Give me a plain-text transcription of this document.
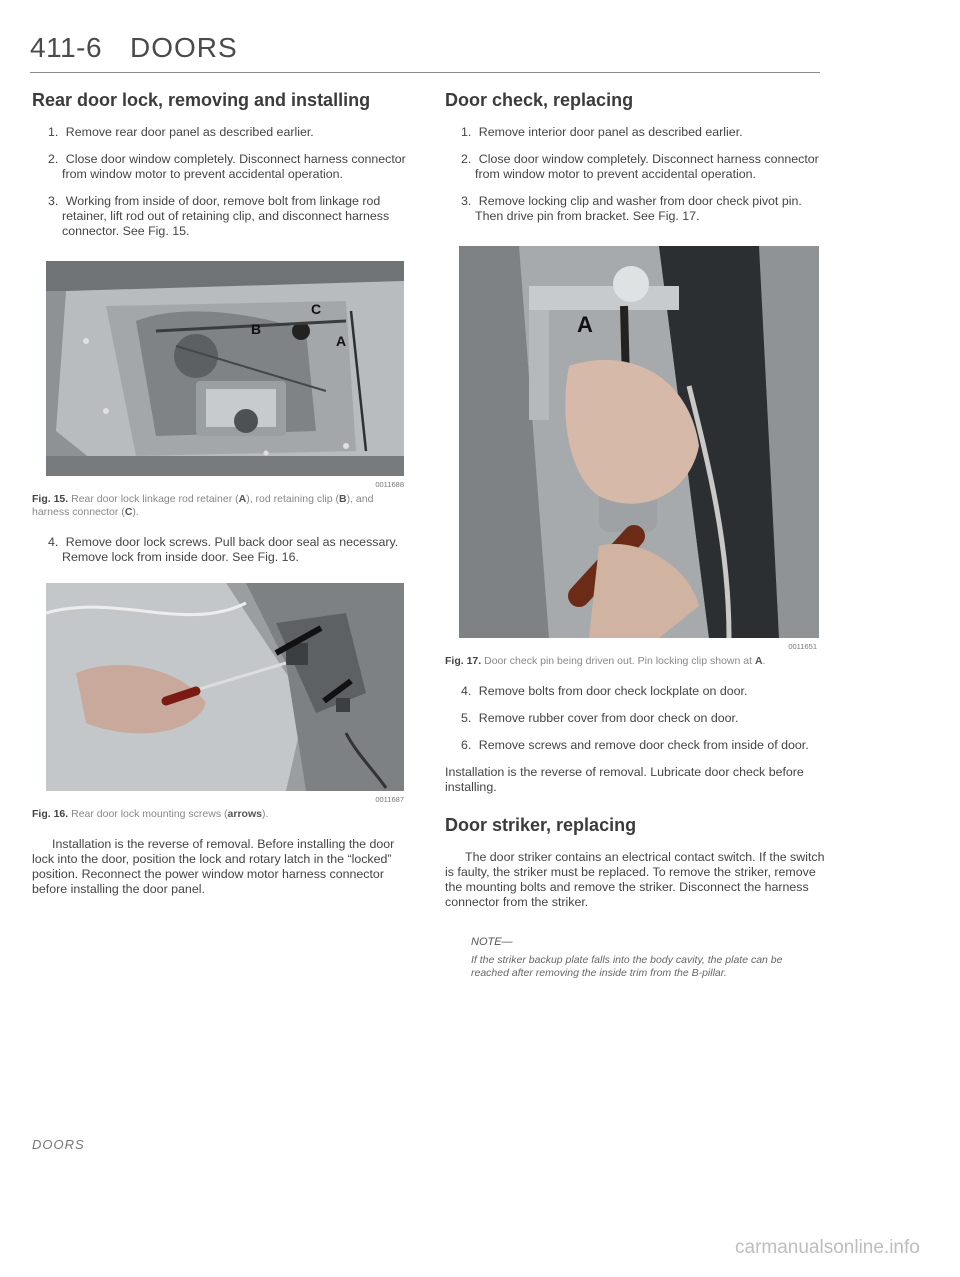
411-6 DOORS
Rear door lock, removing and installing

1. Remove rear door panel as described earlier.

2. Close door window completely. Disconnect harness connector from window motor to prevent accidental operation.

3. Working from inside of door, remove bolt from linkage rod retainer, lift rod out of retaining clip, and disconnect harness connector. See Fig. 15.

C
B
A
0011688

Fig. 15. Rear door lock linkage rod retainer (A), rod retaining clip (B), and harness connector (C).

4. Remove door lock screws. Pull back door seal as necessary. Remove lock from inside door. See Fig. 16.

0011687

Fig. 16. Rear door lock mounting screws (arrows).

Installation is the reverse of removal. Before installing the door lock into the door, position the lock and rotary latch in the “locked” position. Reconnect the power window motor harness connector before installing the door panel.

Door check, replacing

1. Remove interior door panel as described earlier.

2. Close door window completely. Disconnect harness connector from window motor to prevent accidental operation.

3. Remove locking clip and washer from door check pivot pin. Then drive pin from bracket. See Fig. 17.

A
0011651

Fig. 17. Door check pin being driven out. Pin locking clip shown at A.

4. Remove bolts from door check lockplate on door.

5. Remove rubber cover from door check on door.

6. Remove screws and remove door check from inside of door.

Installation is the reverse of removal. Lubricate door check before installing.

Door striker, replacing

The door striker contains an electrical contact switch. If the switch is faulty, the striker must be replaced. To remove the striker, remove the mounting bolts and remove the striker. Disconnect the harness connector from the striker.

NOTE—
If the striker backup plate falls into the body cavity, the plate can be reached after removing the inside trim from the B-pillar.
DOORS
carmanualsonline.info
